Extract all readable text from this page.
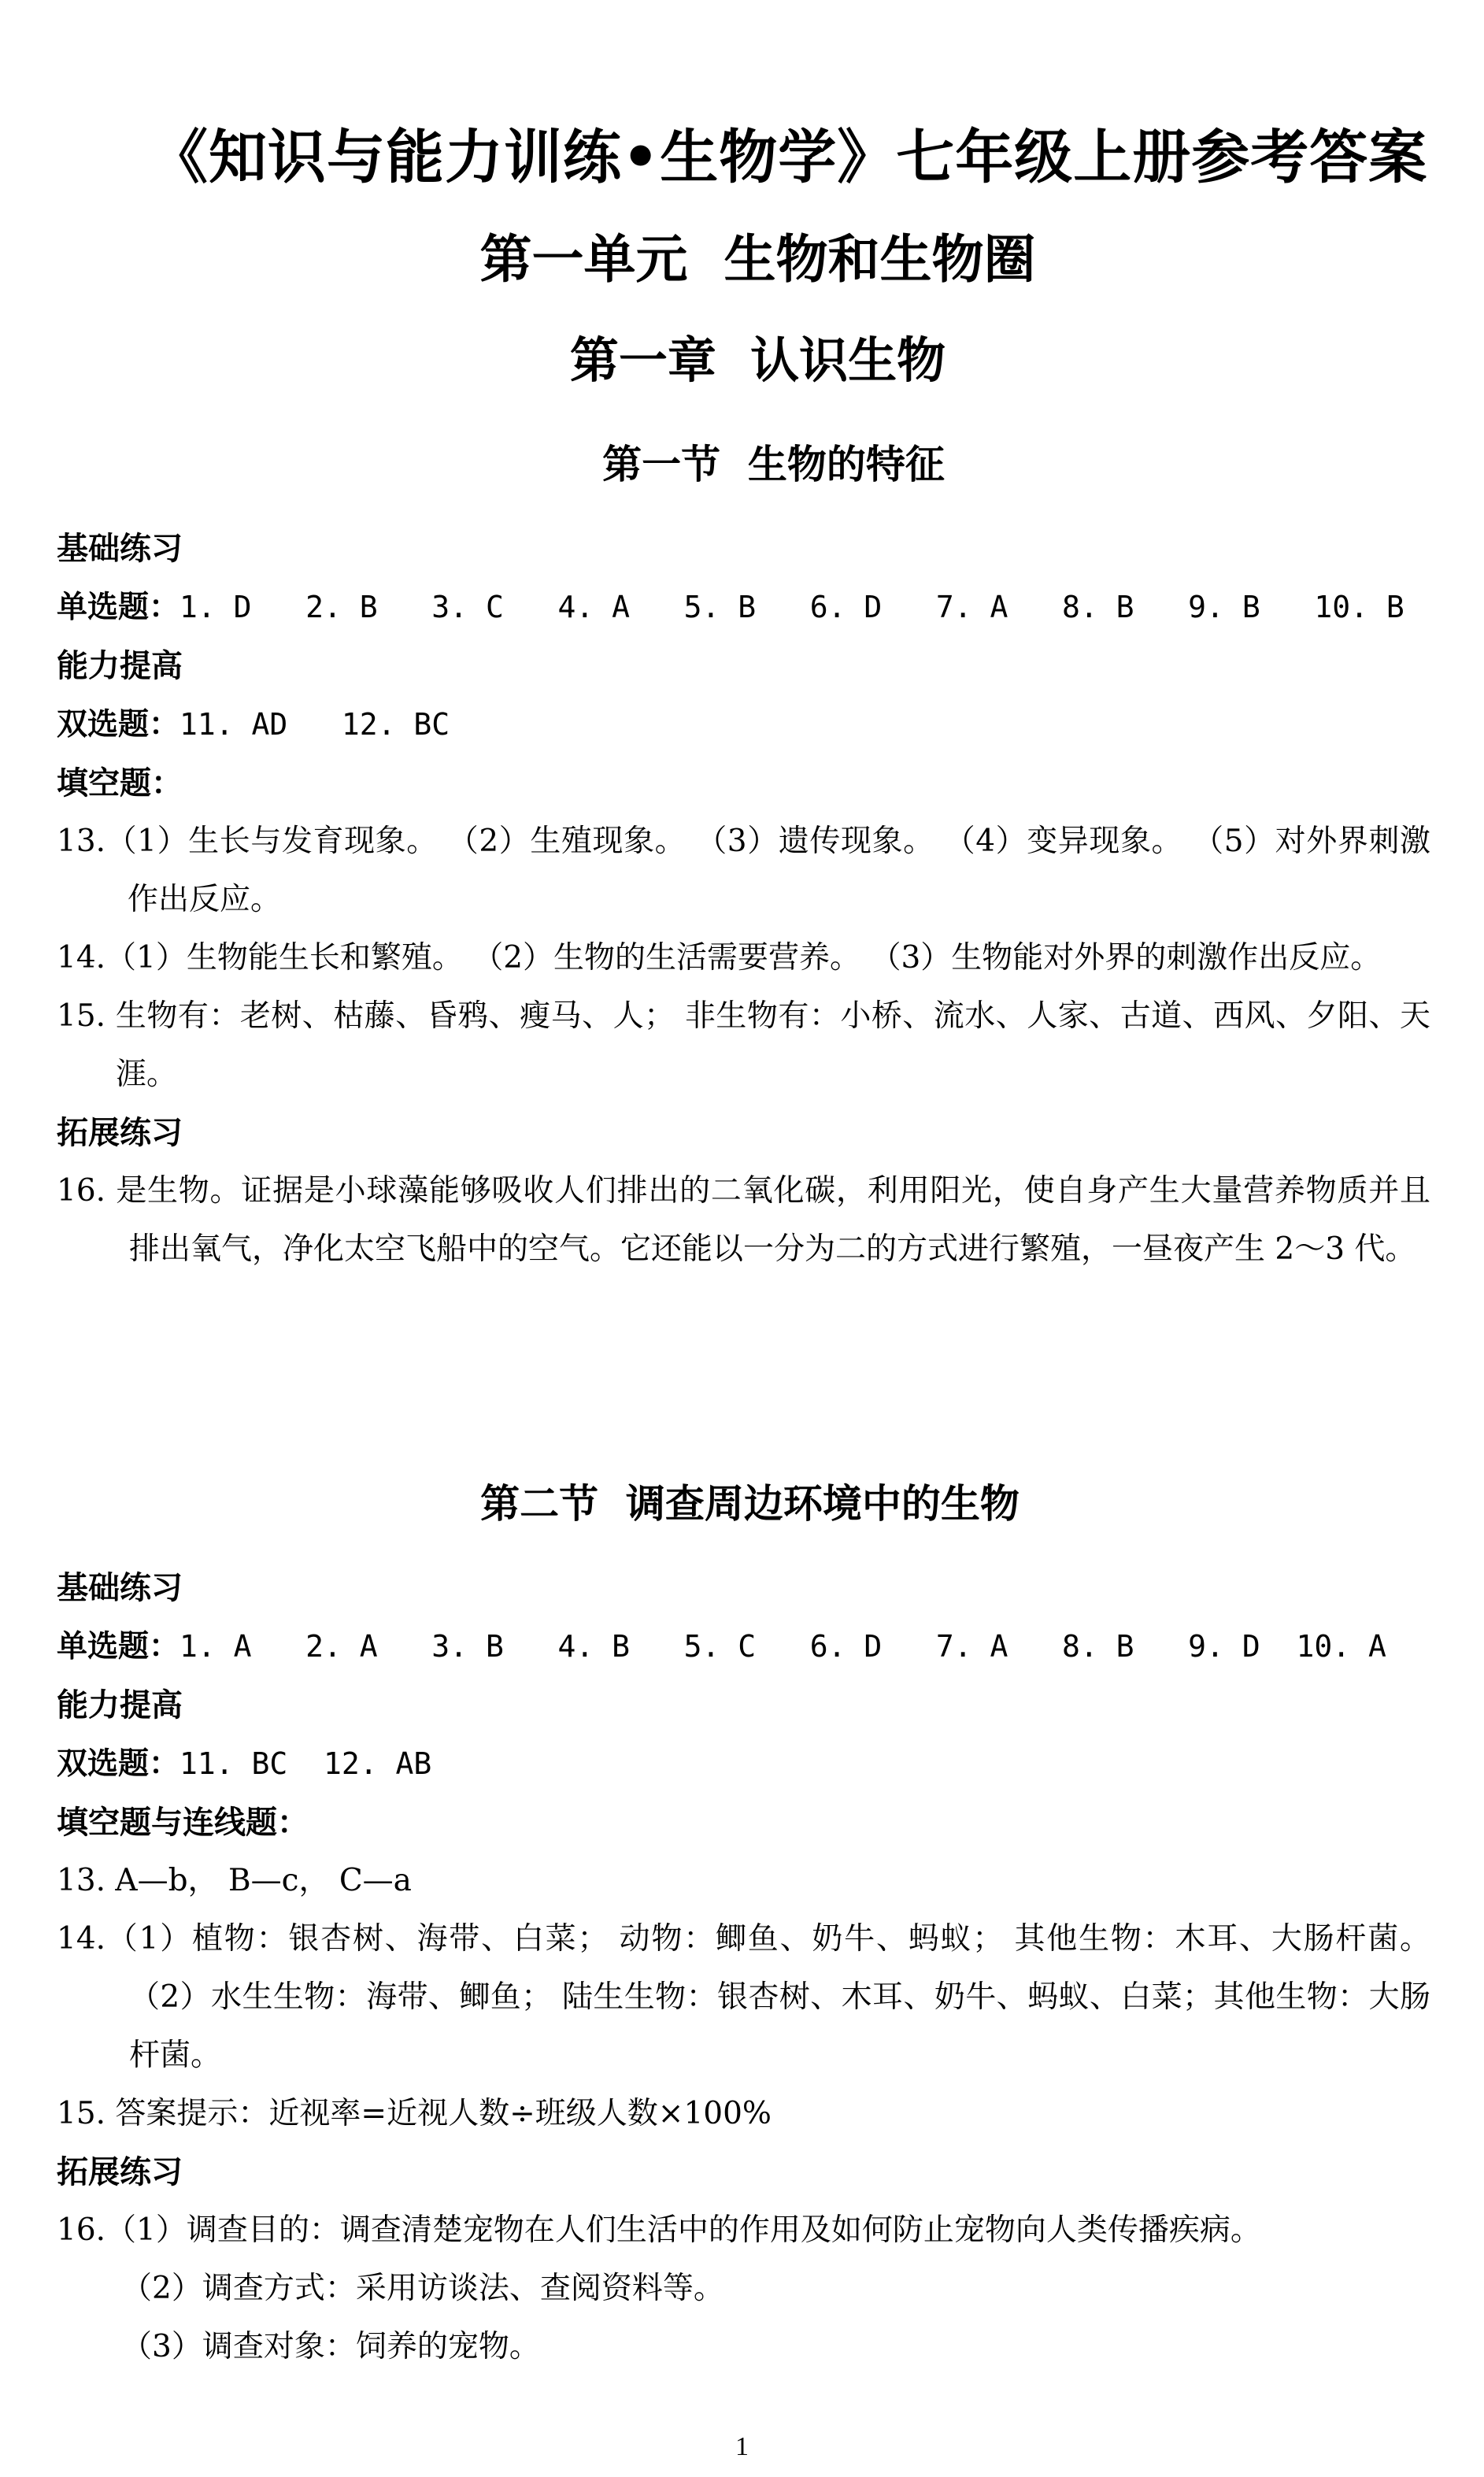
《知识与能力训练•生物学》七年级上册参考答案
第一单元  生物和生物圈
第一章  认识生物
第一节  生物的特征
基础练习
单选题：1. D   2. B   3. C   4. A   5. B   6. D   7. A   8. B   9. B   10. B
能力提高
双选题：11. AD   12. BC
填空题：
13.（1）生长与发育现象。 （2）生殖现象。 （3）遗传现象。 （4）变异现象。 （5）对外界刺激作出反应。
14.（1）生物能生长和繁殖。 （2）生物的生活需要营养。 （3）生物能对外界的刺激作出反应。
15. 生物有：老树、枯藤、昏鸦、瘦马、人； 非生物有：小桥、流水、人家、古道、西风、夕阳、天涯。
拓展练习
16. 是生物。证据是小球藻能够吸收人们排出的二氧化碳，利用阳光，使自身产生大量营养物质并且排出氧气，净化太空飞船中的空气。它还能以一分为二的方式进行繁殖，一昼夜产生 2～3 代。
第二节  调查周边环境中的生物
基础练习
单选题：1. A   2. A   3. B   4. B   5. C   6. D   7. A   8. B   9. D  10. A
能力提高
双选题：11. BC  12. AB
填空题与连线题：
13. A—b， B—c， C—a
14.（1）植物：银杏树、海带、白菜； 动物：鲫鱼、奶牛、蚂蚁； 其他生物：木耳、大肠杆菌。 （2）水生生物：海带、鲫鱼； 陆生生物：银杏树、木耳、奶牛、蚂蚁、白菜；其他生物：大肠杆菌。
15. 答案提示：近视率=近视人数÷班级人数×100%
拓展练习
16.（1）调查目的：调查清楚宠物在人们生活中的作用及如何防止宠物向人类传播疾病。
（2）调查方式：采用访谈法、查阅资料等。
（3）调查对象：饲养的宠物。
1
